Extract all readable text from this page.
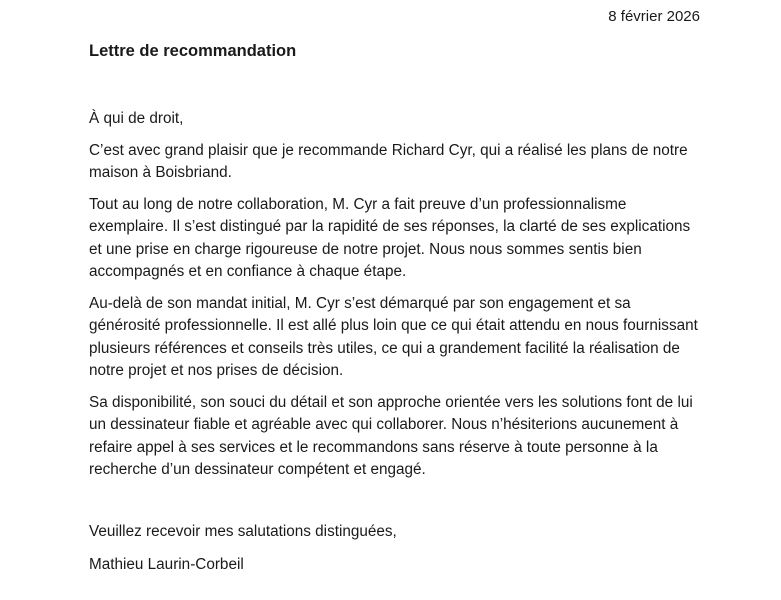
8 février 2026
Lettre de recommandation

À qui de droit,

C’est avec grand plaisir que je recommande Richard Cyr, qui a réalisé les plans de notre maison à Boisbriand.

Tout au long de notre collaboration, M. Cyr a fait preuve d’un professionnalisme exemplaire. Il s’est distingué par la rapidité de ses réponses, la clarté de ses explications et une prise en charge rigoureuse de notre projet. Nous nous sommes sentis bien accompagnés et en confiance à chaque étape.

Au-delà de son mandat initial, M. Cyr s’est démarqué par son engagement et sa générosité professionnelle. Il est allé plus loin que ce qui était attendu en nous fournissant plusieurs références et conseils très utiles, ce qui a grandement facilité la réalisation de notre projet et nos prises de décision.

Sa disponibilité, son souci du détail et son approche orientée vers les solutions font de lui un dessinateur fiable et agréable avec qui collaborer. Nous n’hésiterions aucunement à refaire appel à ses services et le recommandons sans réserve à toute personne à la recherche d’un dessinateur compétent et engagé.

Veuillez recevoir mes salutations distinguées,

Mathieu Laurin-Corbeil
